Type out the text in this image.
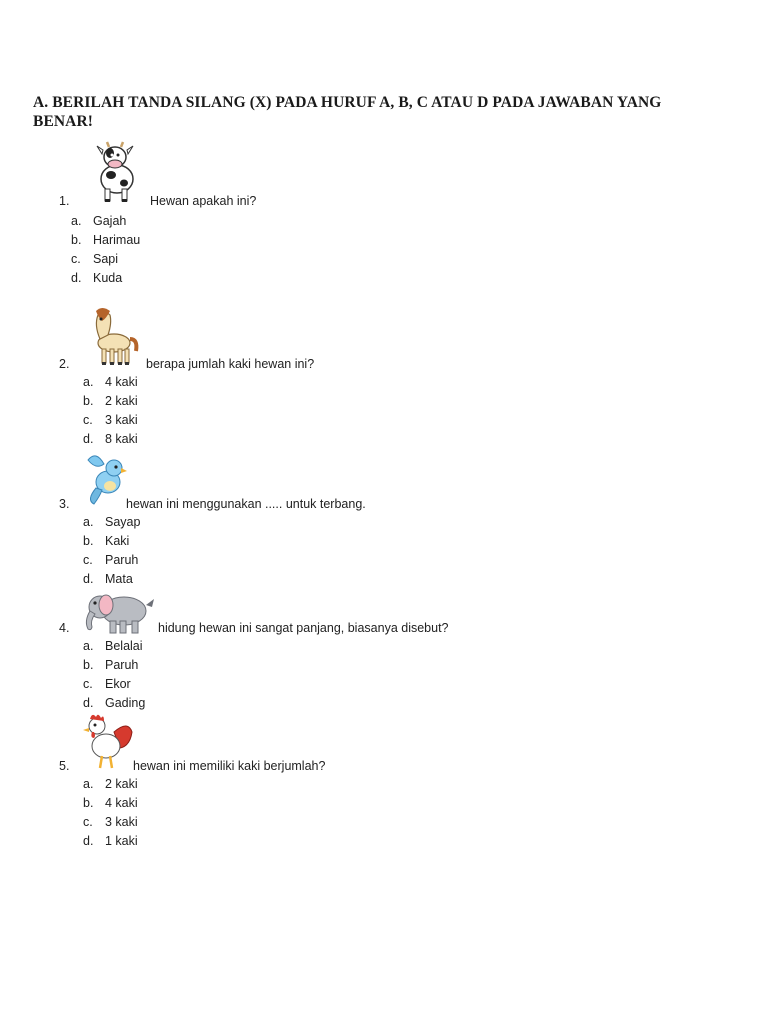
A. BERILAH TANDA SILANG (X) PADA HURUF A, B, C ATAU D PADA JAWABAN YANG BENAR!
1.	Hewan apakah ini?
a. Gajah
b. Harimau
c. Sapi
d. Kuda
2.	berapa jumlah kaki hewan ini?
a. 4 kaki
b. 2 kaki
c. 3 kaki
d. 8 kaki
3.	hewan ini menggunakan ..... untuk terbang.
a. Sayap
b. Kaki
c. Paruh
d. Mata
4.	hidung hewan ini sangat panjang, biasanya disebut?
a. Belalai
b. Paruh
c. Ekor
d. Gading
5.	hewan ini memiliki kaki berjumlah?
a. 2 kaki
b. 4 kaki
c. 3 kaki
d. 1 kaki
